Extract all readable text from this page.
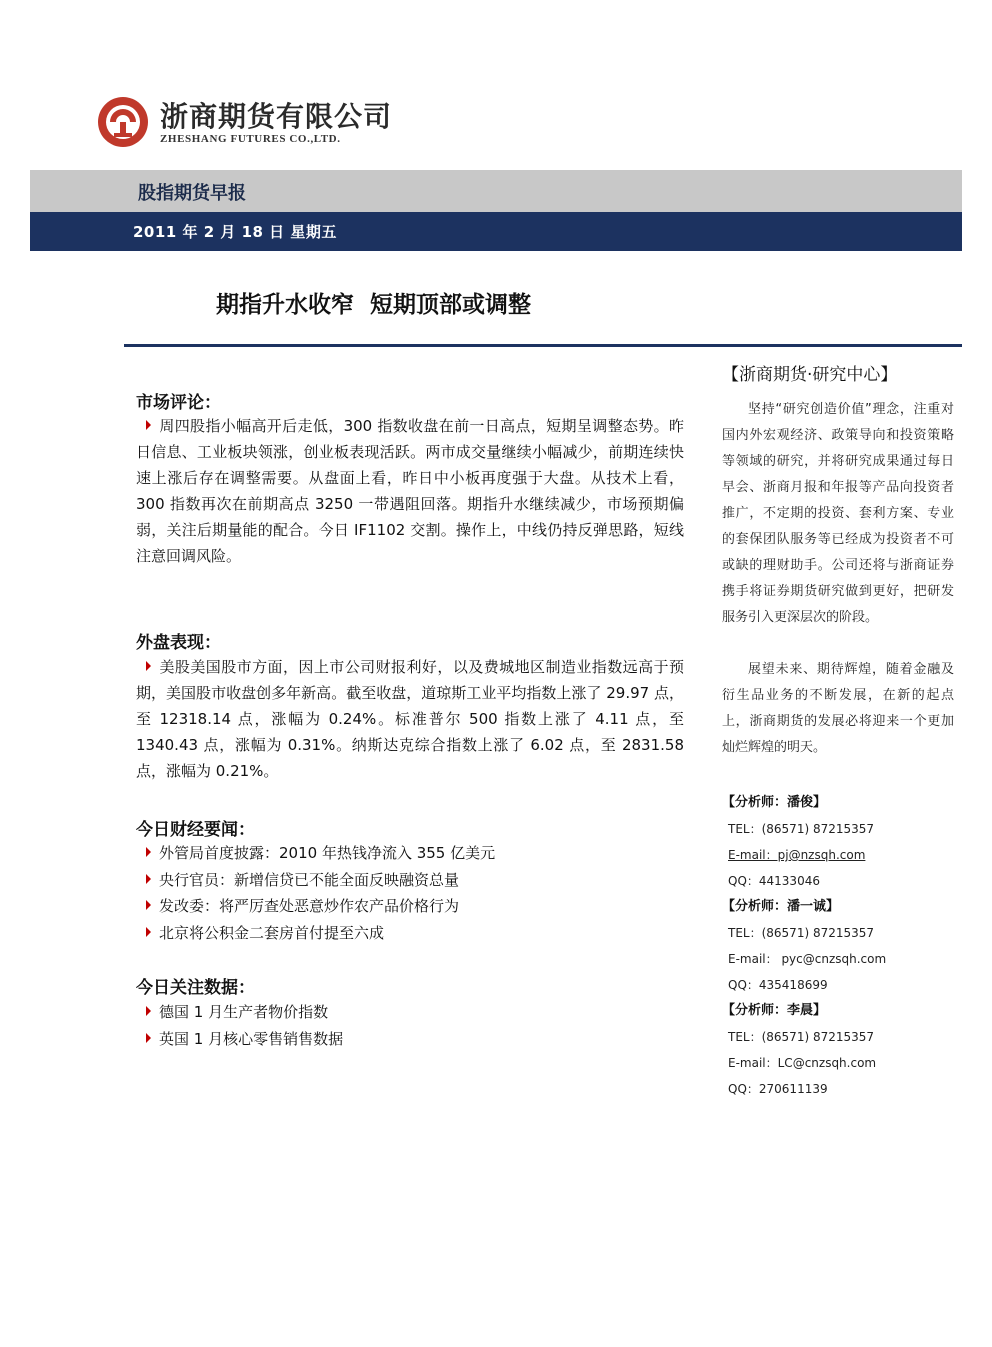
浙商期货有限公司
ZHESHANG FUTURES CO.,LTD.
股指期货早报
2011 年 2 月 18 日 星期五
期指升水收窄  短期顶部或调整
市场评论：
周四股指小幅高开后走低，300 指数收盘在前一日高点，短期呈调整态势。昨日信息、工业板块领涨，创业板表现活跃。两市成交量继续小幅减少，前期连续快速上涨后存在调整需要。从盘面上看，昨日中小板再度强于大盘。从技术上看，300 指数再次在前期高点 3250 一带遇阻回落。期指升水继续减少，市场预期偏弱，关注后期量能的配合。今日 IF1102 交割。操作上，中线仍持反弹思路，短线注意回调风险。
外盘表现：
美股美国股市方面，因上市公司财报利好，以及费城地区制造业指数远高于预期，美国股市收盘创多年新高。截至收盘，道琼斯工业平均指数上涨了 29.97 点，至 12318.14 点，涨幅为 0.24%。标准普尔 500 指数上涨了 4.11 点，至 1340.43 点，涨幅为 0.31%。纳斯达克综合指数上涨了 6.02 点，至 2831.58 点，涨幅为 0.21%。
今日财经要闻：
外管局首度披露：2010 年热钱净流入 355 亿美元
央行官员：新增信贷已不能全面反映融资总量
发改委：将严厉查处恶意炒作农产品价格行为
北京将公积金二套房首付提至六成
今日关注数据：
德国 1 月生产者物价指数
英国 1 月核心零售销售数据
【浙商期货·研究中心】

坚持“研究创造价值”理念，注重对国内外宏观经济、政策导向和投资策略等领域的研究，并将研究成果通过每日早会、浙商月报和年报等产品向投资者推广，不定期的投资、套利方案、专业的套保团队服务等已经成为投资者不可或缺的理财助手。公司还将与浙商证券携手将证券期货研究做到更好，把研发服务引入更深层次的阶段。

展望未来、期待辉煌，随着金融及衍生品业务的不断发展，在新的起点上，浙商期货的发展必将迎来一个更加灿烂辉煌的明天。

【分析师：潘俊】
TEL：(86571) 87215357
E-mail：pj@nzsqh.com
QQ：44133046
【分析师：潘一诚】
TEL：(86571) 87215357
E-mail： pyc@cnzsqh.com
QQ：435418699
【分析师：李晨】
TEL：(86571) 87215357
E-mail：LC@cnzsqh.com
QQ：270611139
